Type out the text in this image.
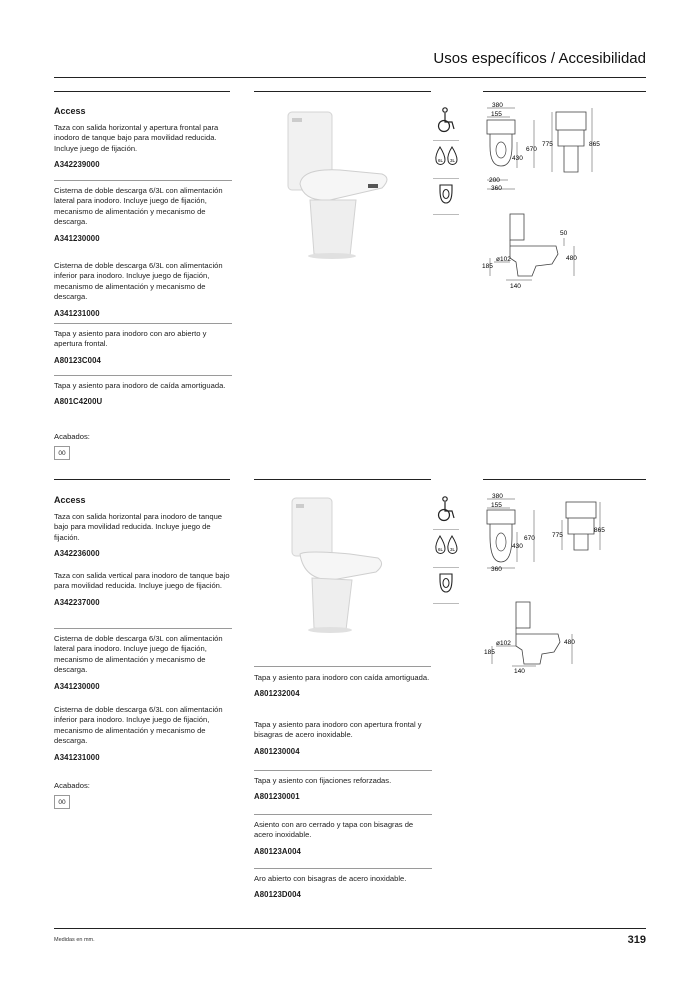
Usos específicos / Accesibilidad
Access
Taza con salida horizontal y apertura frontal para inodoro de tanque bajo para movilidad reducida. Incluye juego de fijación.
A342239000
Cisterna de doble descarga 6/3L con alimentación lateral para inodoro. Incluye juego de fijación, mecanismo de alimentación y mecanismo de descarga.
A341230000
Cisterna de doble descarga 6/3L con alimentación inferior para inodoro. Incluye juego de fijación, mecanismo de alimentación y mecanismo de descarga.
A341231000
Tapa y asiento para inodoro con aro abierto y apertura frontal.
A80123C004
Tapa y asiento para inodoro de caída amortiguada.
A801C4200U
Acabados:
00
6L 3L
380
155
430
670
200
360
775	865
ø102
185
50
480
140
Access
Taza con salida horizontal para inodoro de tanque bajo para movilidad reducida. Incluye juego de fijación.
A342236000
Taza con salida vertical para inodoro de tanque bajo para movilidad reducida. Incluye juego de fijación.
A342237000
Cisterna de doble descarga 6/3L con alimentación lateral para inodoro. Incluye juego de fijación, mecanismo de alimentación y mecanismo de descarga.
A341230000
Cisterna de doble descarga 6/3L con alimentación inferior para inodoro. Incluye juego de fijación, mecanismo de alimentación y mecanismo de descarga.
A341231000
Acabados:
00
Tapa y asiento para inodoro con caída amortiguada.
A801232004
Tapa y asiento para inodoro con apertura frontal y bisagras de acero inoxidable.
A801230004
Tapa y asiento con fijaciones reforzadas.
A801230001
Asiento con aro cerrado y tapa con bisagras de acero inoxidable.
A80123A004
Aro abierto con bisagras de acero inoxidable.
A80123D004
6L 3L
380
155
430
670
360
775
865
ø102
185
480
140
Medidas en mm.	319
